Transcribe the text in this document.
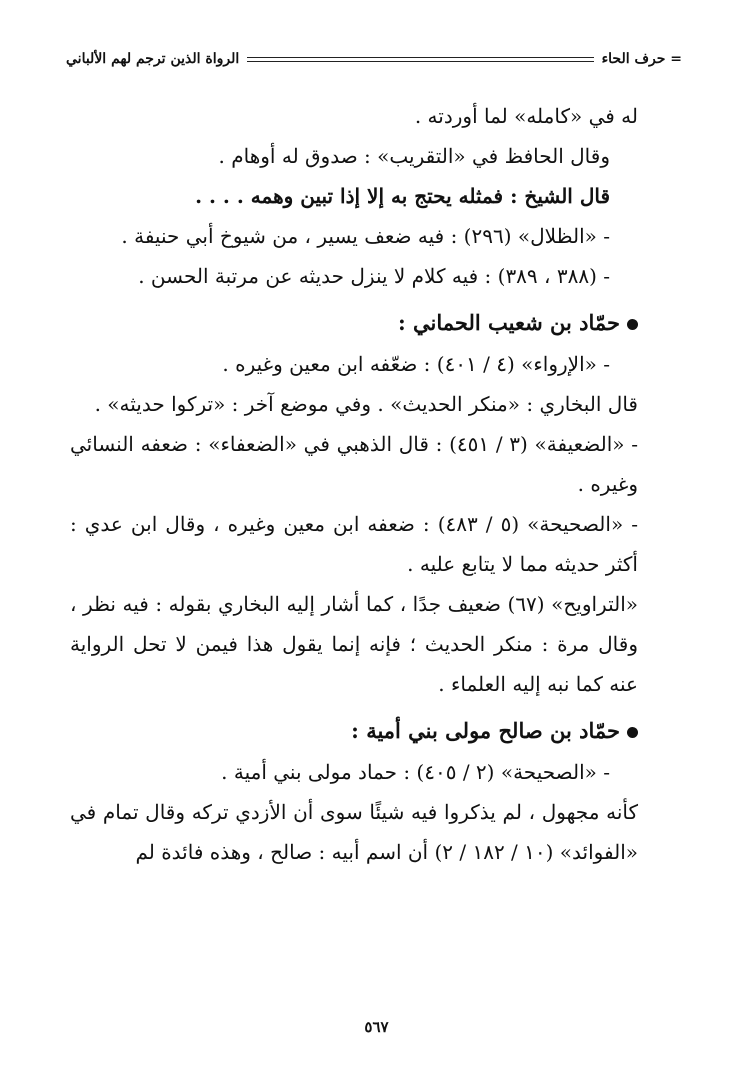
= حرف الحاء
الرواة الذين ترجم لهم الألباني

له في «كامله» لما أوردته .

وقال الحافظ في «التقريب» : صدوق له أوهام .

قال الشيخ : فمثله يحتج به إلا إذا تبين وهمه . . . .

- «الظلال» (٢٩٦) : فيه ضعف يسير ، من شيوخ أبي حنيفة .

- (٣٨٨ ، ٣٨٩) : فيه كلام لا ينزل حديثه عن مرتبة الحسن .

حمّاد بن شعيب الحماني :

- «الإرواء» (٤ / ٤٠١) : ضعّفه ابن معين وغيره .

قال البخاري : «منكر الحديث» . وفي موضع آخر : «تركوا حديثه» .

- «الضعيفة» (٣ / ٤٥١) : قال الذهبي في «الضعفاء» : ضعفه النسائي وغيره .

- «الصحيحة» (٥ / ٤٨٣) : ضعفه ابن معين وغيره ، وقال ابن عدي : أكثر حديثه مما لا يتابع عليه .

«التراويح» (٦٧) ضعيف جدًا ، كما أشار إليه البخاري بقوله : فيه نظر ، وقال مرة : منكر الحديث ؛ فإنه إنما يقول هذا فيمن لا تحل الرواية عنه كما نبه إليه العلماء .

حمّاد بن صالح مولى بني أمية :

- «الصحيحة» (٢ / ٤٠٥) : حماد مولى بني أمية .

كأنه مجهول ، لم يذكروا فيه شيئًا سوى أن الأزدي تركه وقال تمام في «الفوائد» (١٠ / ١٨٢ / ٢) أن اسم أبيه : صالح ، وهذه فائدة لم

٥٦٧
